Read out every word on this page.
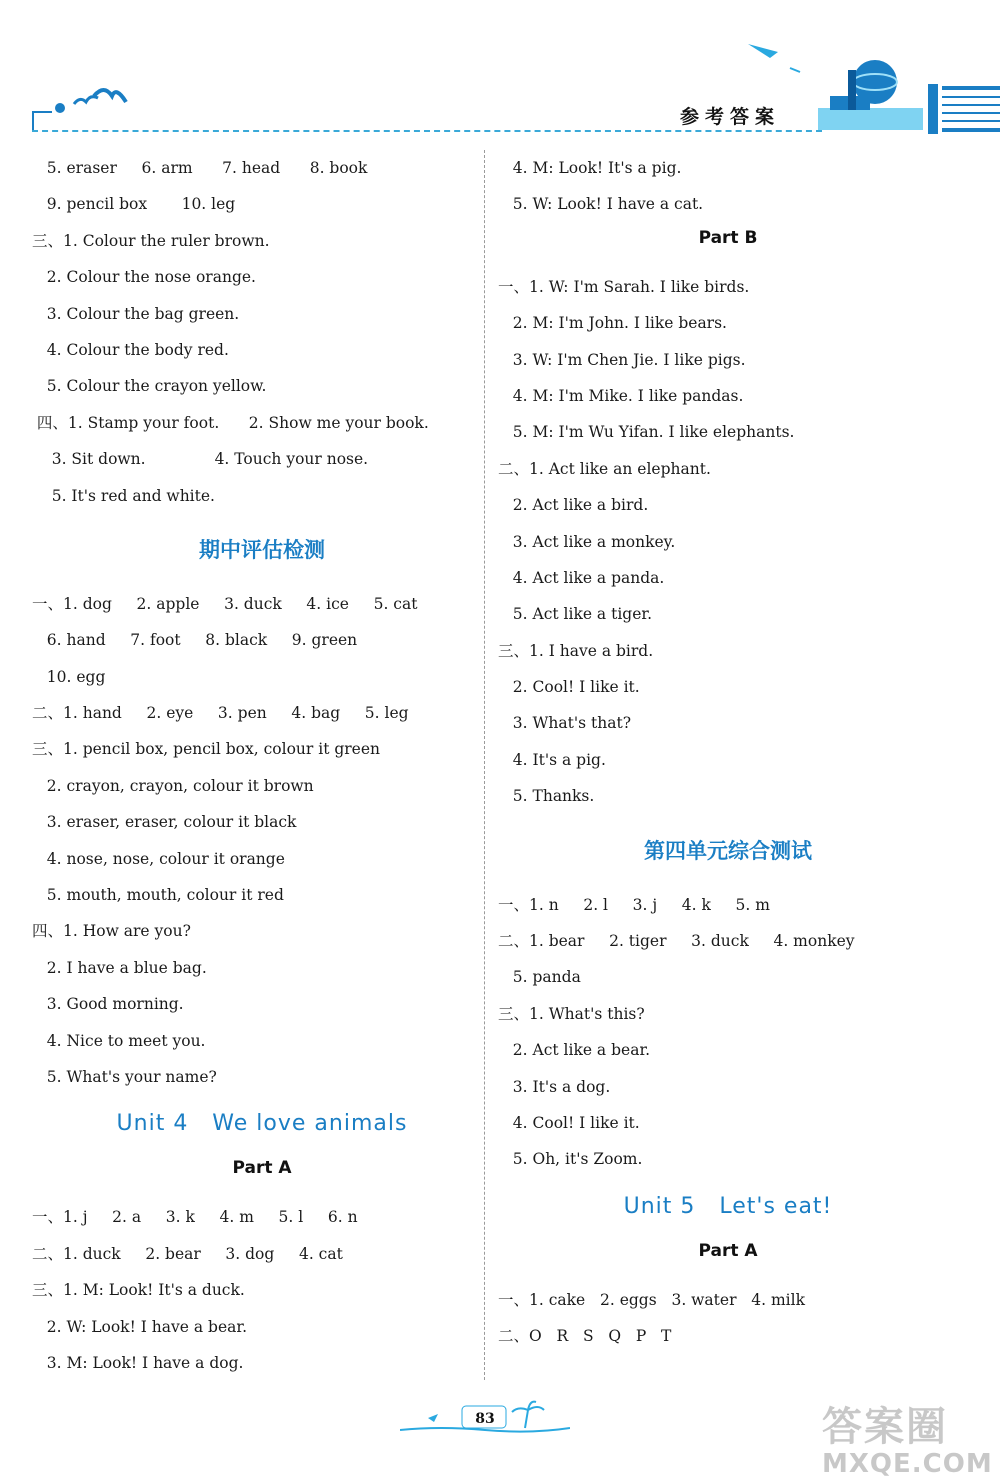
参考答案
5. eraser     6. arm      7. head      8. book
9. pencil box       10. leg
三、1. Colour the ruler brown.
2. Colour the nose orange.
3. Colour the bag green.
4. Colour the body red.
5. Colour the crayon yellow.
四、1. Stamp your foot.      2. Show me your book.
3. Sit down.              4. Touch your nose.
5. It's red and white.
期中评估检测
一、1. dog     2. apple     3. duck     4. ice     5. cat
6. hand     7. foot     8. black     9. green
10. egg
二、1. hand     2. eye     3. pen     4. bag     5. leg
三、1. pencil box, pencil box, colour it green
2. crayon, crayon, colour it brown
3. eraser, eraser, colour it black
4. nose, nose, colour it orange
5. mouth, mouth, colour it red
四、1. How are you?
2. I have a blue bag.
3. Good morning.
4. Nice to meet you.
5. What's your name?
Unit 4   We love animals
Part A
一、1. j     2. a     3. k     4. m     5. l     6. n
二、1. duck     2. bear     3. dog     4. cat
三、1. M: Look! It's a duck.
2. W: Look! I have a bear.
3. M: Look! I have a dog.
4. M: Look! It's a pig.
5. W: Look! I have a cat.
Part B
一、1. W: I'm Sarah. I like birds.
2. M: I'm John. I like bears.
3. W: I'm Chen Jie. I like pigs.
4. M: I'm Mike. I like pandas.
5. M: I'm Wu Yifan. I like elephants.
二、1. Act like an elephant.
2. Act like a bird.
3. Act like a monkey.
4. Act like a panda.
5. Act like a tiger.
三、1. I have a bird.
2. Cool! I like it.
3. What's that?
4. It's a pig.
5. Thanks.
第四单元综合测试
一、1. n     2. l     3. j     4. k     5. m
二、1. bear     2. tiger     3. duck     4. monkey
5. panda
三、1. What's this?
2. Act like a bear.
3. It's a dog.
4. Cool! I like it.
5. Oh, it's Zoom.
Unit 5   Let's eat!
Part A
一、1. cake   2. eggs   3. water   4. milk
二、O   R   S   Q   P   T
83	答案圈
MXQE.COM
